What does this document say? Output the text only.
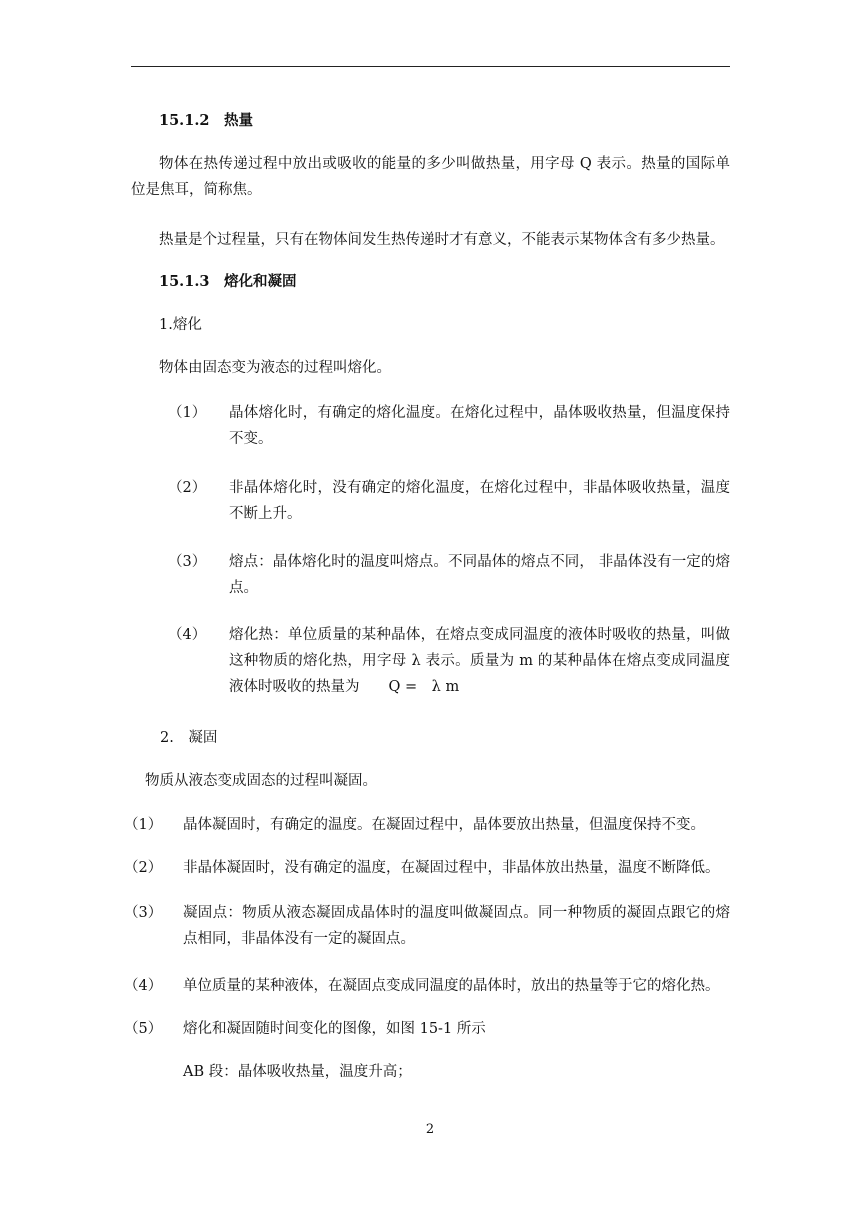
15.1.2　热量
物体在热传递过程中放出或吸收的能量的多少叫做热量，用字母 Q 表示。热量的国际单位是焦耳，简称焦。
热量是个过程量，只有在物体间发生热传递时才有意义，不能表示某物体含有多少热量。
15.1.3　熔化和凝固
1.熔化
物体由固态变为液态的过程叫熔化。
（1） 晶体熔化时，有确定的熔化温度。在熔化过程中，晶体吸收热量，但温度保持不变。
（2） 非晶体熔化时，没有确定的熔化温度，在熔化过程中，非晶体吸收热量，温度不断上升。
（3） 熔点：晶体熔化时的温度叫熔点。不同晶体的熔点不同， 非晶体没有一定的熔点。
（4） 熔化热：单位质量的某种晶体，在熔点变成同温度的液体时吸收的热量，叫做这种物质的熔化热，用字母 λ 表示。质量为 m 的某种晶体在熔点变成同温度液体时吸收的热量为　　Q =　λ m
2.　凝固
物质从液态变成固态的过程叫凝固。
（1） 晶体凝固时，有确定的温度。在凝固过程中，晶体要放出热量，但温度保持不变。
（2） 非晶体凝固时，没有确定的温度，在凝固过程中，非晶体放出热量，温度不断降低。
（3） 凝固点：物质从液态凝固成晶体时的温度叫做凝固点。同一种物质的凝固点跟它的熔点相同，非晶体没有一定的凝固点。
（4） 单位质量的某种液体，在凝固点变成同温度的晶体时，放出的热量等于它的熔化热。
（5） 熔化和凝固随时间变化的图像，如图 15-1 所示
AB 段：晶体吸收热量，温度升高；
2
